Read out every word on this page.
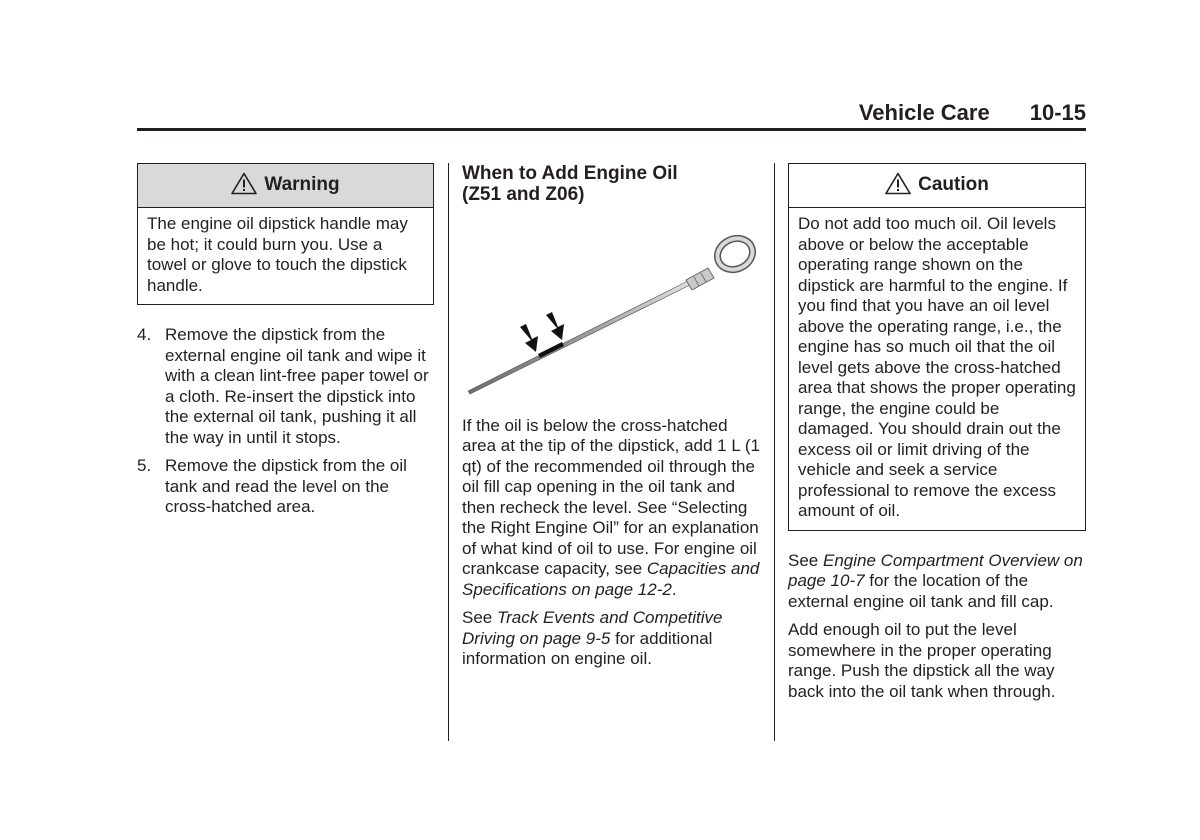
Vehicle Care 10-15
Warning
The engine oil dipstick handle may be hot; it could burn you. Use a towel or glove to touch the dipstick handle.
4. Remove the dipstick from the external engine oil tank and wipe it with a clean lint-free paper towel or a cloth. Re-insert the dipstick into the external oil tank, pushing it all the way in until it stops.
5. Remove the dipstick from the oil tank and read the level on the cross-hatched area.
When to Add Engine Oil
(Z51 and Z06)

If the oil is below the cross-hatched area at the tip of the dipstick, add 1 L (1 qt) of the recommended oil through the oil fill cap opening in the oil tank and then recheck the level. See “Selecting the Right Engine Oil” for an explanation of what kind of oil to use. For engine oil crankcase capacity, see Capacities and Specifications on page 12-2.

See Track Events and Competitive Driving on page 9-5 for additional information on engine oil.

Caution
Do not add too much oil. Oil levels above or below the acceptable operating range shown on the dipstick are harmful to the engine. If you find that you have an oil level above the operating range, i.e., the engine has so much oil that the oil level gets above the cross-hatched area that shows the proper operating range, the engine could be damaged. You should drain out the excess oil or limit driving of the vehicle and seek a service professional to remove the excess amount of oil.

See Engine Compartment Overview on page 10-7 for the location of the external engine oil tank and fill cap.

Add enough oil to put the level somewhere in the proper operating range. Push the dipstick all the way back into the oil tank when through.
